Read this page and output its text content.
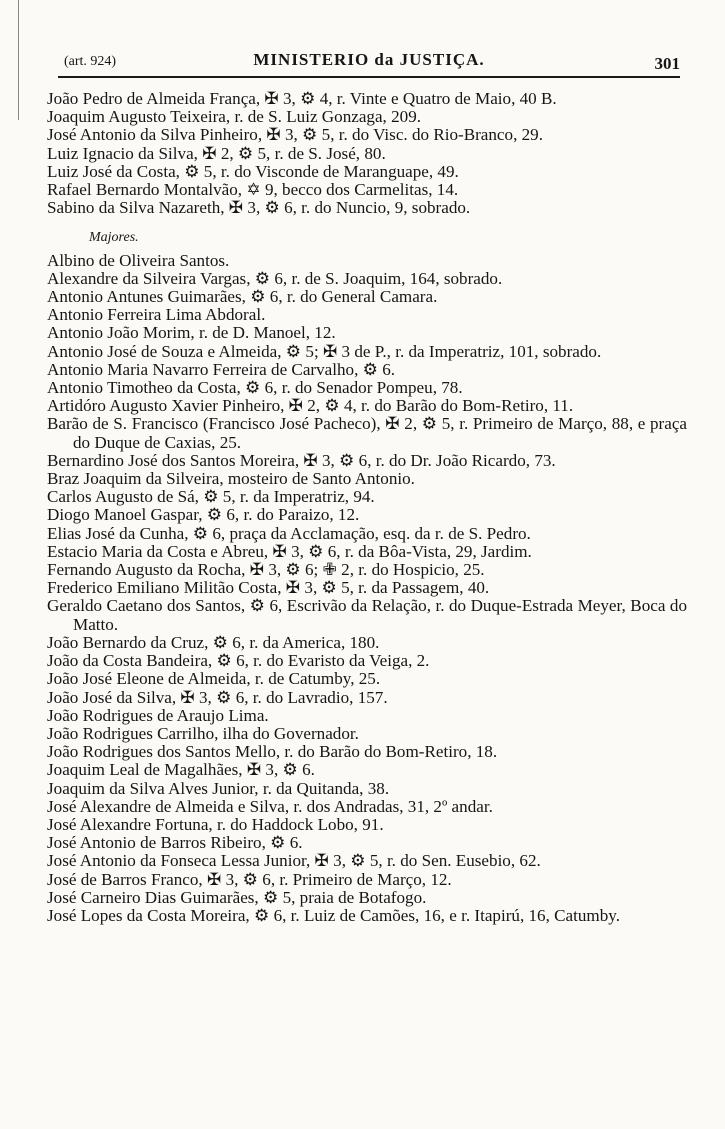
(art. 924)	MINISTERIO da JUSTIÇA.	301
João Pedro de Almeida França, ✠ 3, ⚙ 4, r. Vinte e Quatro de Maio, 40 B.
Joaquim Augusto Teixeira, r. de S. Luiz Gonzaga, 209.
José Antonio da Silva Pinheiro, ✠ 3, ⚙ 5, r. do Visc. do Rio-Branco, 29.
Luiz Ignacio da Silva, ✠ 2, ⚙ 5, r. de S. José, 80.
Luiz José da Costa, ⚙ 5, r. do Visconde de Maranguape, 49.
Rafael Bernardo Montalvão, ✡ 9, becco dos Carmelitas, 14.
Sabino da Silva Nazareth, ✠ 3, ⚙ 6, r. do Nuncio, 9, sobrado.
Majores.
Albino de Oliveira Santos.
Alexandre da Silveira Vargas, ⚙ 6, r. de S. Joaquim, 164, sobrado.
Antonio Antunes Guimarães, ⚙ 6, r. do General Camara.
Antonio Ferreira Lima Abdoral.
Antonio João Morim, r. de D. Manoel, 12.
Antonio José de Souza e Almeida, ⚙ 5; ✠ 3 de P., r. da Imperatriz, 101, sobrado.
Antonio Maria Navarro Ferreira de Carvalho, ⚙ 6.
Antonio Timotheo da Costa, ⚙ 6, r. do Senador Pompeu, 78.
Artidóro Augusto Xavier Pinheiro, ✠ 2, ⚙ 4, r. do Barão do Bom-Retiro, 11.
Barão de S. Francisco (Francisco José Pacheco), ✠ 2, ⚙ 5, r. Primeiro de Março, 88, e praça do Duque de Caxias, 25.
Bernardino José dos Santos Moreira, ✠ 3, ⚙ 6, r. do Dr. João Ricardo, 73.
Braz Joaquim da Silveira, mosteiro de Santo Antonio.
Carlos Augusto de Sá, ⚙ 5, r. da Imperatriz, 94.
Diogo Manoel Gaspar, ⚙ 6, r. do Paraizo, 12.
Elias José da Cunha, ⚙ 6, praça da Acclamação, esq. da r. de S. Pedro.
Estacio Maria da Costa e Abreu, ✠ 3, ⚙ 6, r. da Bôa-Vista, 29, Jardim.
Fernando Augusto da Rocha, ✠ 3, ⚙ 6; ✙ 2, r. do Hospicio, 25.
Frederico Emiliano Militão Costa, ✠ 3, ⚙ 5, r. da Passagem, 40.
Geraldo Caetano dos Santos, ⚙ 6, Escrivão da Relação, r. do Duque-Estrada Meyer, Boca do Matto.
João Bernardo da Cruz, ⚙ 6, r. da America, 180.
João da Costa Bandeira, ⚙ 6, r. do Evaristo da Veiga, 2.
João José Eleone de Almeida, r. de Catumby, 25.
João José da Silva, ✠ 3, ⚙ 6, r. do Lavradio, 157.
João Rodrigues de Araujo Lima.
João Rodrigues Carrilho, ilha do Governador.
João Rodrigues dos Santos Mello, r. do Barão do Bom-Retiro, 18.
Joaquim Leal de Magalhães, ✠ 3, ⚙ 6.
Joaquim da Silva Alves Junior, r. da Quitanda, 38.
José Alexandre de Almeida e Silva, r. dos Andradas, 31, 2º andar.
José Alexandre Fortuna, r. do Haddock Lobo, 91.
José Antonio de Barros Ribeiro, ⚙ 6.
José Antonio da Fonseca Lessa Junior, ✠ 3, ⚙ 5, r. do Sen. Eusebio, 62.
José de Barros Franco, ✠ 3, ⚙ 6, r. Primeiro de Março, 12.
José Carneiro Dias Guimarães, ⚙ 5, praia de Botafogo.
José Lopes da Costa Moreira, ⚙ 6, r. Luiz de Camões, 16, e r. Itapirú, 16, Catumby.
